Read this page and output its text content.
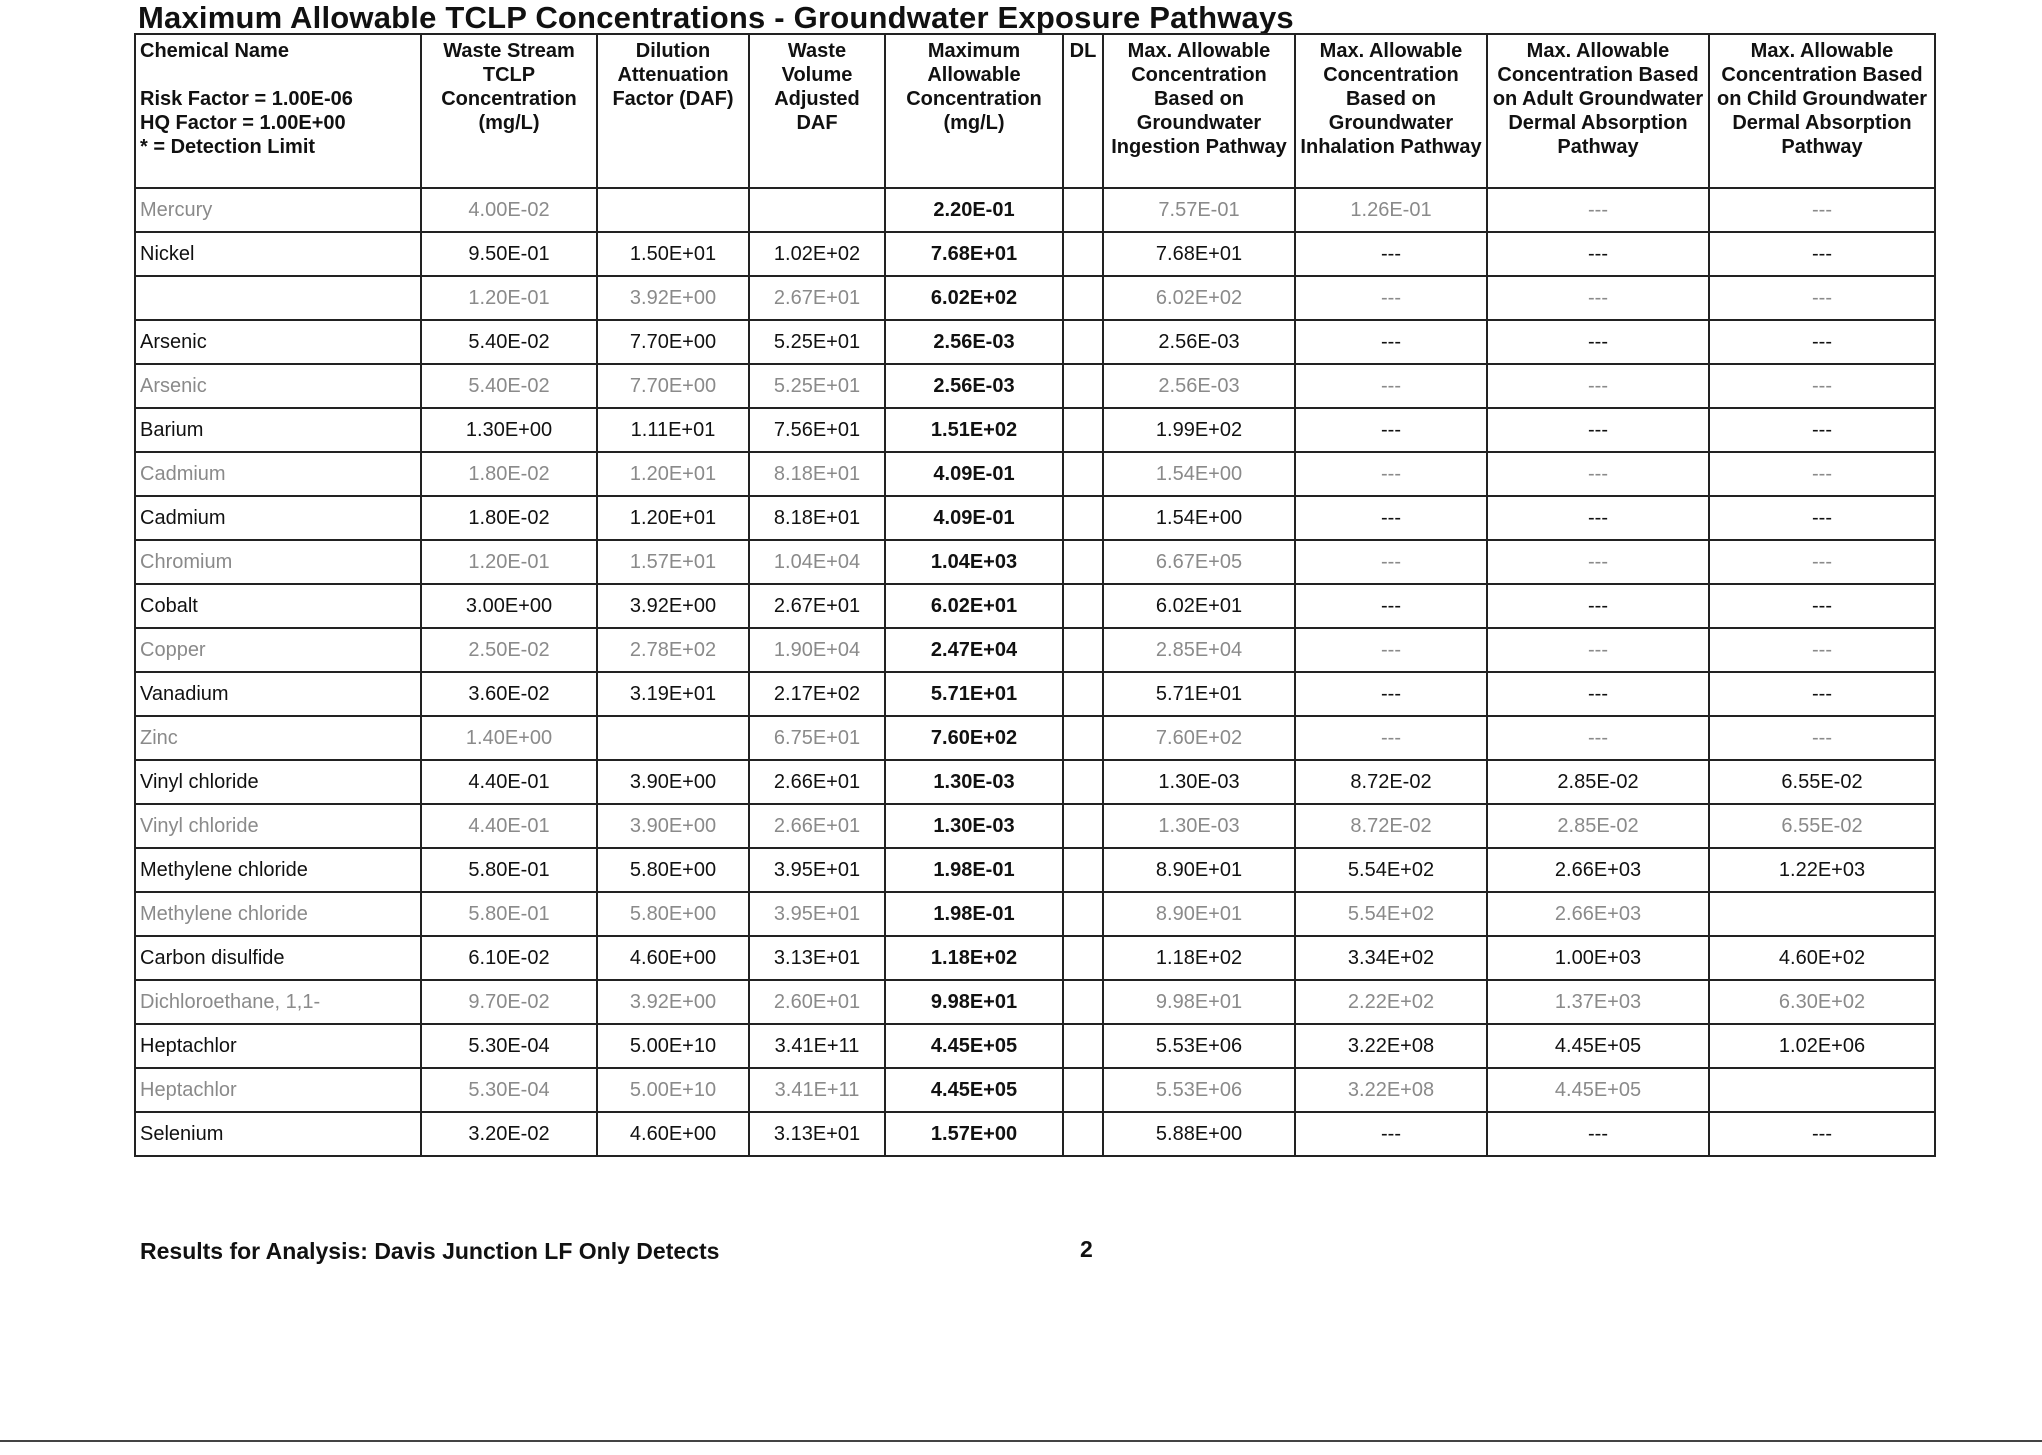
Maximum Allowable TCLP Concentrations - Groundwater Exposure Pathways
Chemical Name
Risk Factor = 1.00E-06
HQ Factor = 1.00E+00
* = Detection Limit	Waste Stream TCLP Concentration (mg/L)	Dilution Attenuation Factor (DAF)	Waste Volume Adjusted DAF	Maximum Allowable Concentration (mg/L)	DL	Max. Allowable Concentration Based on Groundwater Ingestion Pathway	Max. Allowable Concentration Based on Groundwater Inhalation Pathway	Max. Allowable Concentration Based on Adult Groundwater Dermal Absorption Pathway	Max. Allowable Concentration Based on Child Groundwater Dermal Absorption Pathway
Mercury	4.00E-02			2.20E-01		7.57E-01	1.26E-01	---	---
Nickel	9.50E-01	1.50E+01	1.02E+02	7.68E+01		7.68E+01	---	---	---
	1.20E-01	3.92E+00	2.67E+01	6.02E+02		6.02E+02	---	---	---
Arsenic	5.40E-02	7.70E+00	5.25E+01	2.56E-03		2.56E-03	---	---	---
Arsenic	5.40E-02	7.70E+00	5.25E+01	2.56E-03		2.56E-03	---	---	---
Barium	1.30E+00	1.11E+01	7.56E+01	1.51E+02		1.99E+02	---	---	---
Cadmium	1.80E-02	1.20E+01	8.18E+01	4.09E-01		1.54E+00	---	---	---
Cadmium	1.80E-02	1.20E+01	8.18E+01	4.09E-01		1.54E+00	---	---	---
Chromium	1.20E-01	1.57E+01	1.04E+04	1.04E+03		6.67E+05	---	---	---
Cobalt	3.00E+00	3.92E+00	2.67E+01	6.02E+01		6.02E+01	---	---	---
Copper	2.50E-02	2.78E+02	1.90E+04	2.47E+04		2.85E+04	---	---	---
Vanadium	3.60E-02	3.19E+01	2.17E+02	5.71E+01		5.71E+01	---	---	---
Zinc	1.40E+00		6.75E+01	7.60E+02		7.60E+02	---	---	---
Vinyl chloride	4.40E-01	3.90E+00	2.66E+01	1.30E-03		1.30E-03	8.72E-02	2.85E-02	6.55E-02
Vinyl chloride	4.40E-01	3.90E+00	2.66E+01	1.30E-03		1.30E-03	8.72E-02	2.85E-02	6.55E-02
Methylene chloride	5.80E-01	5.80E+00	3.95E+01	1.98E-01		8.90E+01	5.54E+02	2.66E+03	1.22E+03
Methylene chloride	5.80E-01	5.80E+00	3.95E+01	1.98E-01		8.90E+01	5.54E+02	2.66E+03	
Carbon disulfide	6.10E-02	4.60E+00	3.13E+01	1.18E+02		1.18E+02	3.34E+02	1.00E+03	4.60E+02
Dichloroethane, 1,1-	9.70E-02	3.92E+00	2.60E+01	9.98E+01		9.98E+01	2.22E+02	1.37E+03	6.30E+02
Heptachlor	5.30E-04	5.00E+10	3.41E+11	4.45E+05		5.53E+06	3.22E+08	4.45E+05	1.02E+06
Heptachlor	5.30E-04	5.00E+10	3.41E+11	4.45E+05		5.53E+06	3.22E+08	4.45E+05	
Selenium	3.20E-02	4.60E+00	3.13E+01	1.57E+00		5.88E+00	---	---	---
Results for Analysis: Davis Junction LF Only Detects	2
